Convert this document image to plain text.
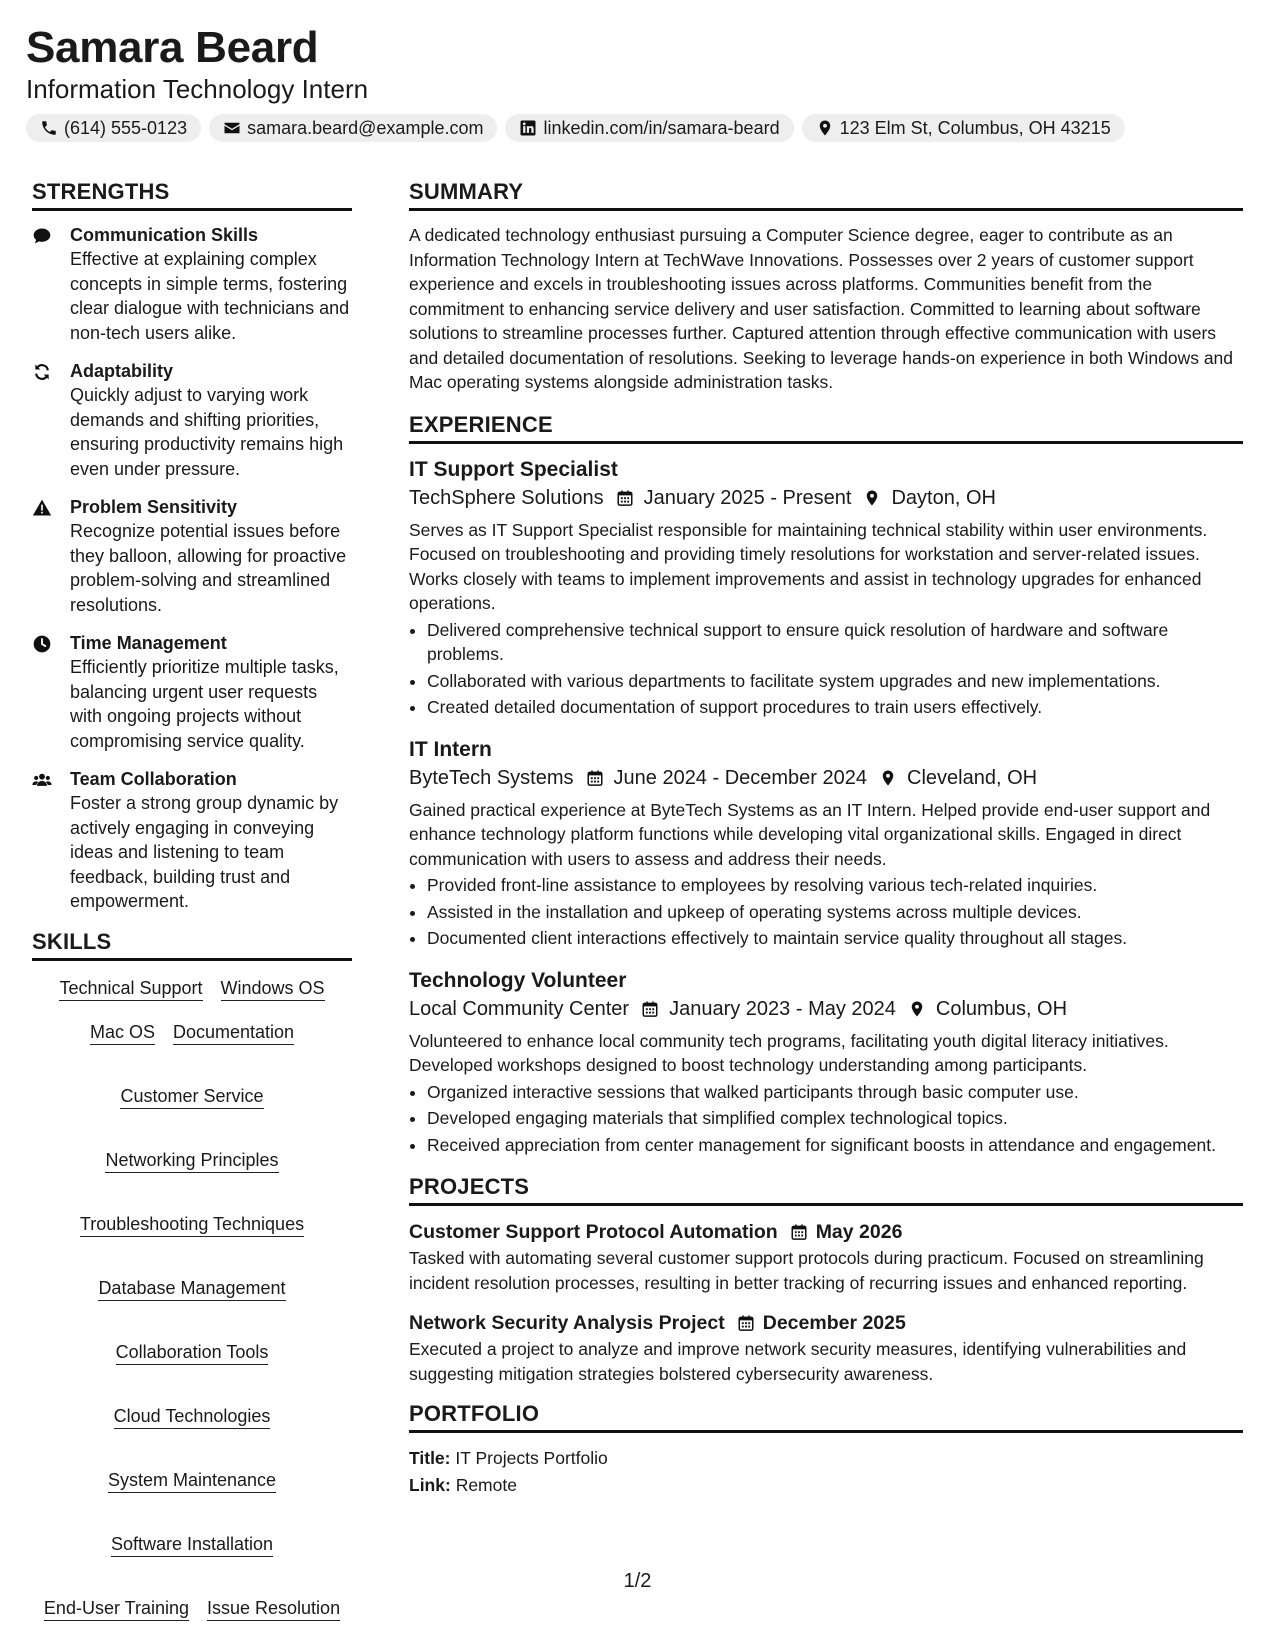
Samara Beard
Information Technology Intern
(614) 555-0123	samara.beard@example.com	linkedin.com/in/samara-beard	123 Elm St, Columbus, OH 43215
STRENGTHS
Communication Skills
Effective at explaining complex concepts in simple terms, fostering clear dialogue with technicians and non-tech users alike.
Adaptability
Quickly adjust to varying work demands and shifting priorities, ensuring productivity remains high even under pressure.
Problem Sensitivity
Recognize potential issues before they balloon, allowing for proactive problem-solving and streamlined resolutions.
Time Management
Efficiently prioritize multiple tasks, balancing urgent user requests with ongoing projects without compromising service quality.
Team Collaboration
Foster a strong group dynamic by actively engaging in conveying ideas and listening to team feedback, building trust and empowerment.
SKILLS
Technical Support Windows OS
Mac OS Documentation
Customer Service
Networking Principles
Troubleshooting Techniques
Database Management
Collaboration Tools
Cloud Technologies
System Maintenance
Software Installation
End-User Training Issue Resolution
SUMMARY

A dedicated technology enthusiast pursuing a Computer Science degree, eager to contribute as an Information Technology Intern at TechWave Innovations. Possesses over 2 years of customer support experience and excels in troubleshooting issues across platforms. Communities benefit from the commitment to enhancing service delivery and user satisfaction. Committed to learning about software solutions to streamline processes further. Captured attention through effective communication with users and detailed documentation of resolutions. Seeking to leverage hands-on experience in both Windows and Mac operating systems alongside administration tasks.

EXPERIENCE
IT Support Specialist
TechSphere Solutions January 2025 - Present Dayton, OH

Serves as IT Support Specialist responsible for maintaining technical stability within user environments. Focused on troubleshooting and providing timely resolutions for workstation and server-related issues. Works closely with teams to implement improvements and assist in technology upgrades for enhanced operations.

• Delivered comprehensive technical support to ensure quick resolution of hardware and software problems.
• Collaborated with various departments to facilitate system upgrades and new implementations.
• Created detailed documentation of support procedures to train users effectively.
IT Intern
ByteTech Systems June 2024 - December 2024 Cleveland, OH

Gained practical experience at ByteTech Systems as an IT Intern. Helped provide end-user support and enhance technology platform functions while developing vital organizational skills. Engaged in direct communication with users to assess and address their needs.

• Provided front-line assistance to employees by resolving various tech-related inquiries.
• Assisted in the installation and upkeep of operating systems across multiple devices.
• Documented client interactions effectively to maintain service quality throughout all stages.
Technology Volunteer
Local Community Center January 2023 - May 2024 Columbus, OH

Volunteered to enhance local community tech programs, facilitating youth digital literacy initiatives. Developed workshops designed to boost technology understanding among participants.

• Organized interactive sessions that walked participants through basic computer use.
• Developed engaging materials that simplified complex technological topics.
• Received appreciation from center management for significant boosts in attendance and engagement.
PROJECTS
Customer Support Protocol Automation May 2026

Tasked with automating several customer support protocols during practicum. Focused on streamlining incident resolution processes, resulting in better tracking of recurring issues and enhanced reporting.

Network Security Analysis Project December 2025

Executed a project to analyze and improve network security measures, identifying vulnerabilities and suggesting mitigation strategies bolstered cybersecurity awareness.

PORTFOLIO
Title: IT Projects Portfolio
Link: Remote
1/2
